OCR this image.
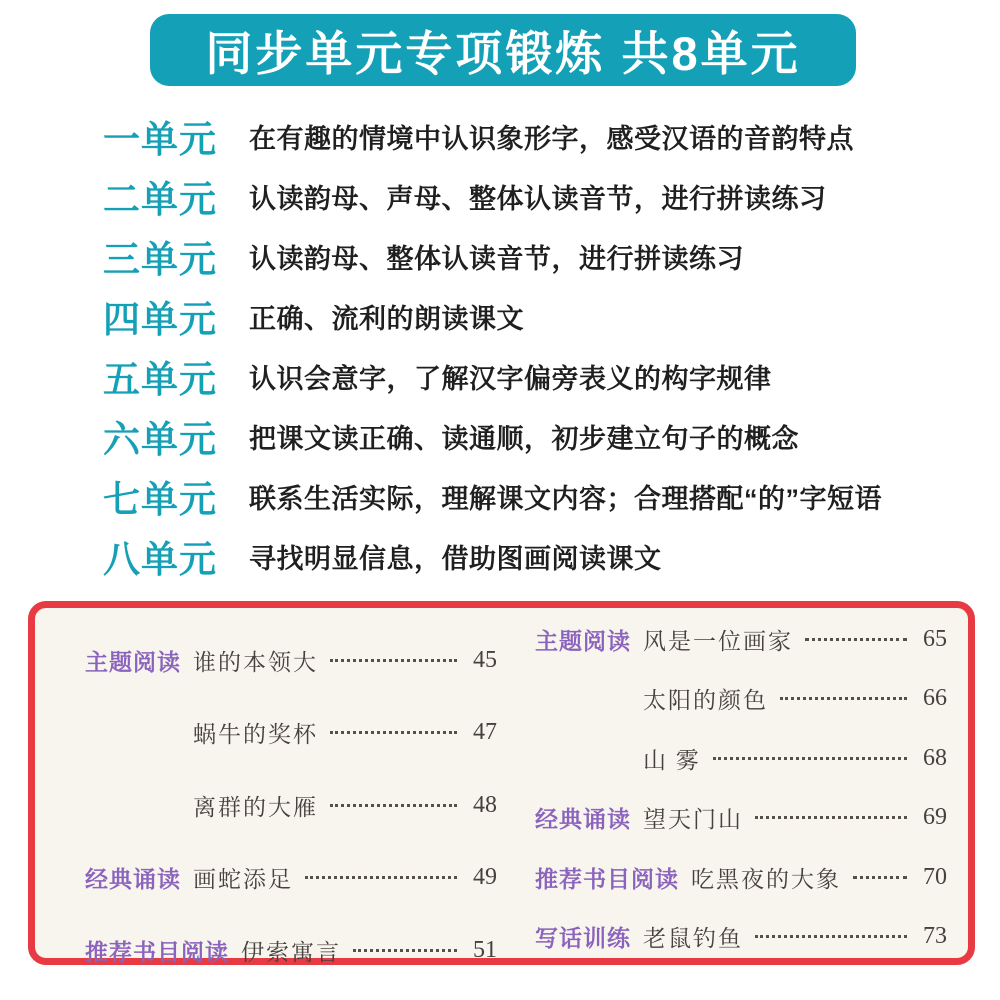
同步单元专项锻炼 共8单元
一单元 在有趣的情境中认识象形字，感受汉语的音韵特点
二单元 认读韵母、声母、整体认读音节，进行拼读练习
三单元 认读韵母、整体认读音节，进行拼读练习
四单元 正确、流利的朗读课文
五单元 认识会意字，了解汉字偏旁表义的构字规律
六单元 把课文读正确、读通顺，初步建立句子的概念
七单元 联系生活实际，理解课文内容；合理搭配“的”字短语
八单元 寻找明显信息，借助图画阅读课文
主题阅读 谁的本领大	45
蜗牛的奖杯	47
离群的大雁	48
经典诵读 画蛇添足	49
推荐书目阅读 伊索寓言	51
主题阅读 风是一位画家	65
太阳的颜色	66
山 雾	68
经典诵读 望天门山	69
推荐书目阅读 吃黑夜的大象	70
写话训练 老鼠钓鱼	73
